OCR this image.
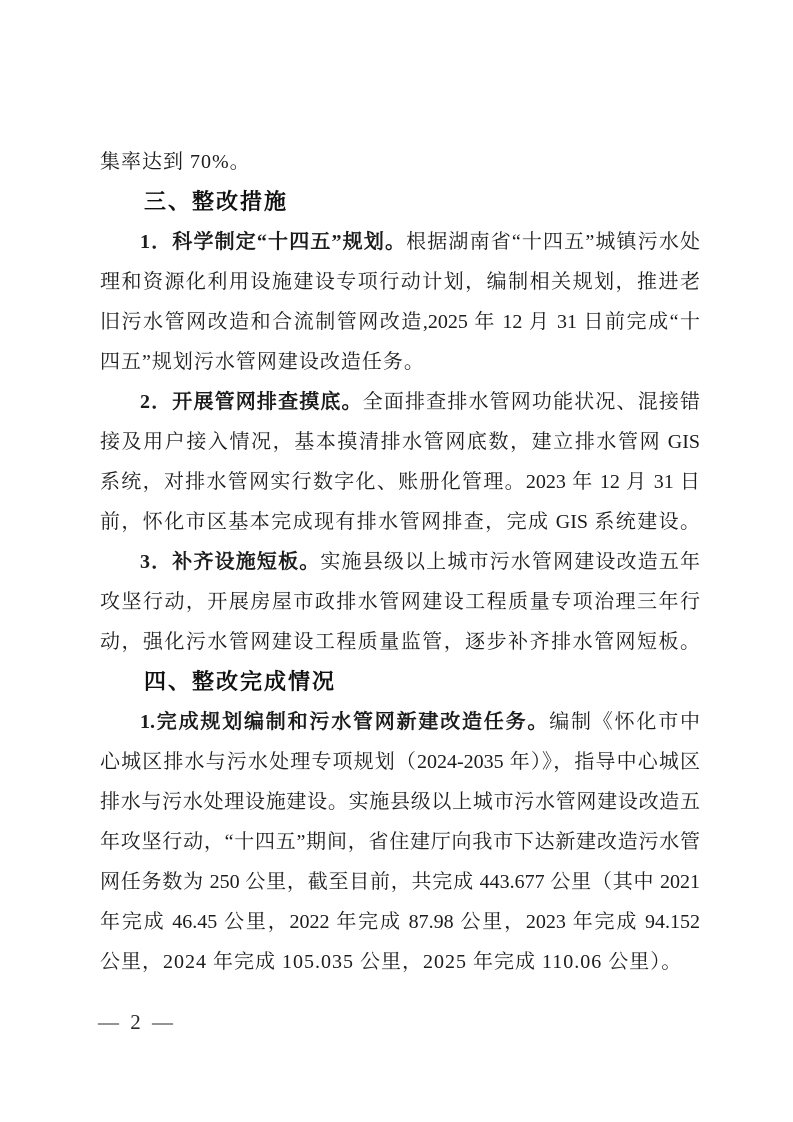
集率达到 70%。
三、整改措施
1．科学制定“十四五”规划。根据湖南省“十四五”城镇污水处
理和资源化利用设施建设专项行动计划，编制相关规划，推进老
旧污水管网改造和合流制管网改造,2025 年 12 月 31 日前完成“十
四五”规划污水管网建设改造任务。
2．开展管网排查摸底。全面排查排水管网功能状况、混接错
接及用户接入情况，基本摸清排水管网底数，建立排水管网 GIS
系统，对排水管网实行数字化、账册化管理。2023 年 12 月 31 日
前，怀化市区基本完成现有排水管网排查，完成 GIS 系统建设。
3．补齐设施短板。实施县级以上城市污水管网建设改造五年
攻坚行动，开展房屋市政排水管网建设工程质量专项治理三年行
动，强化污水管网建设工程质量监管，逐步补齐排水管网短板。
四、整改完成情况
1.完成规划编制和污水管网新建改造任务。编制《怀化市中
心城区排水与污水处理专项规划（2024-2035 年）》，指导中心城区
排水与污水处理设施建设。实施县级以上城市污水管网建设改造五
年攻坚行动，“十四五”期间，省住建厅向我市下达新建改造污水管
网任务数为 250 公里，截至目前，共完成 443.677 公里（其中 2021
年完成 46.45 公里，2022 年完成 87.98 公里，2023 年完成 94.152
公里，2024 年完成 105.035 公里，2025 年完成 110.06 公里）。
— 2 —
